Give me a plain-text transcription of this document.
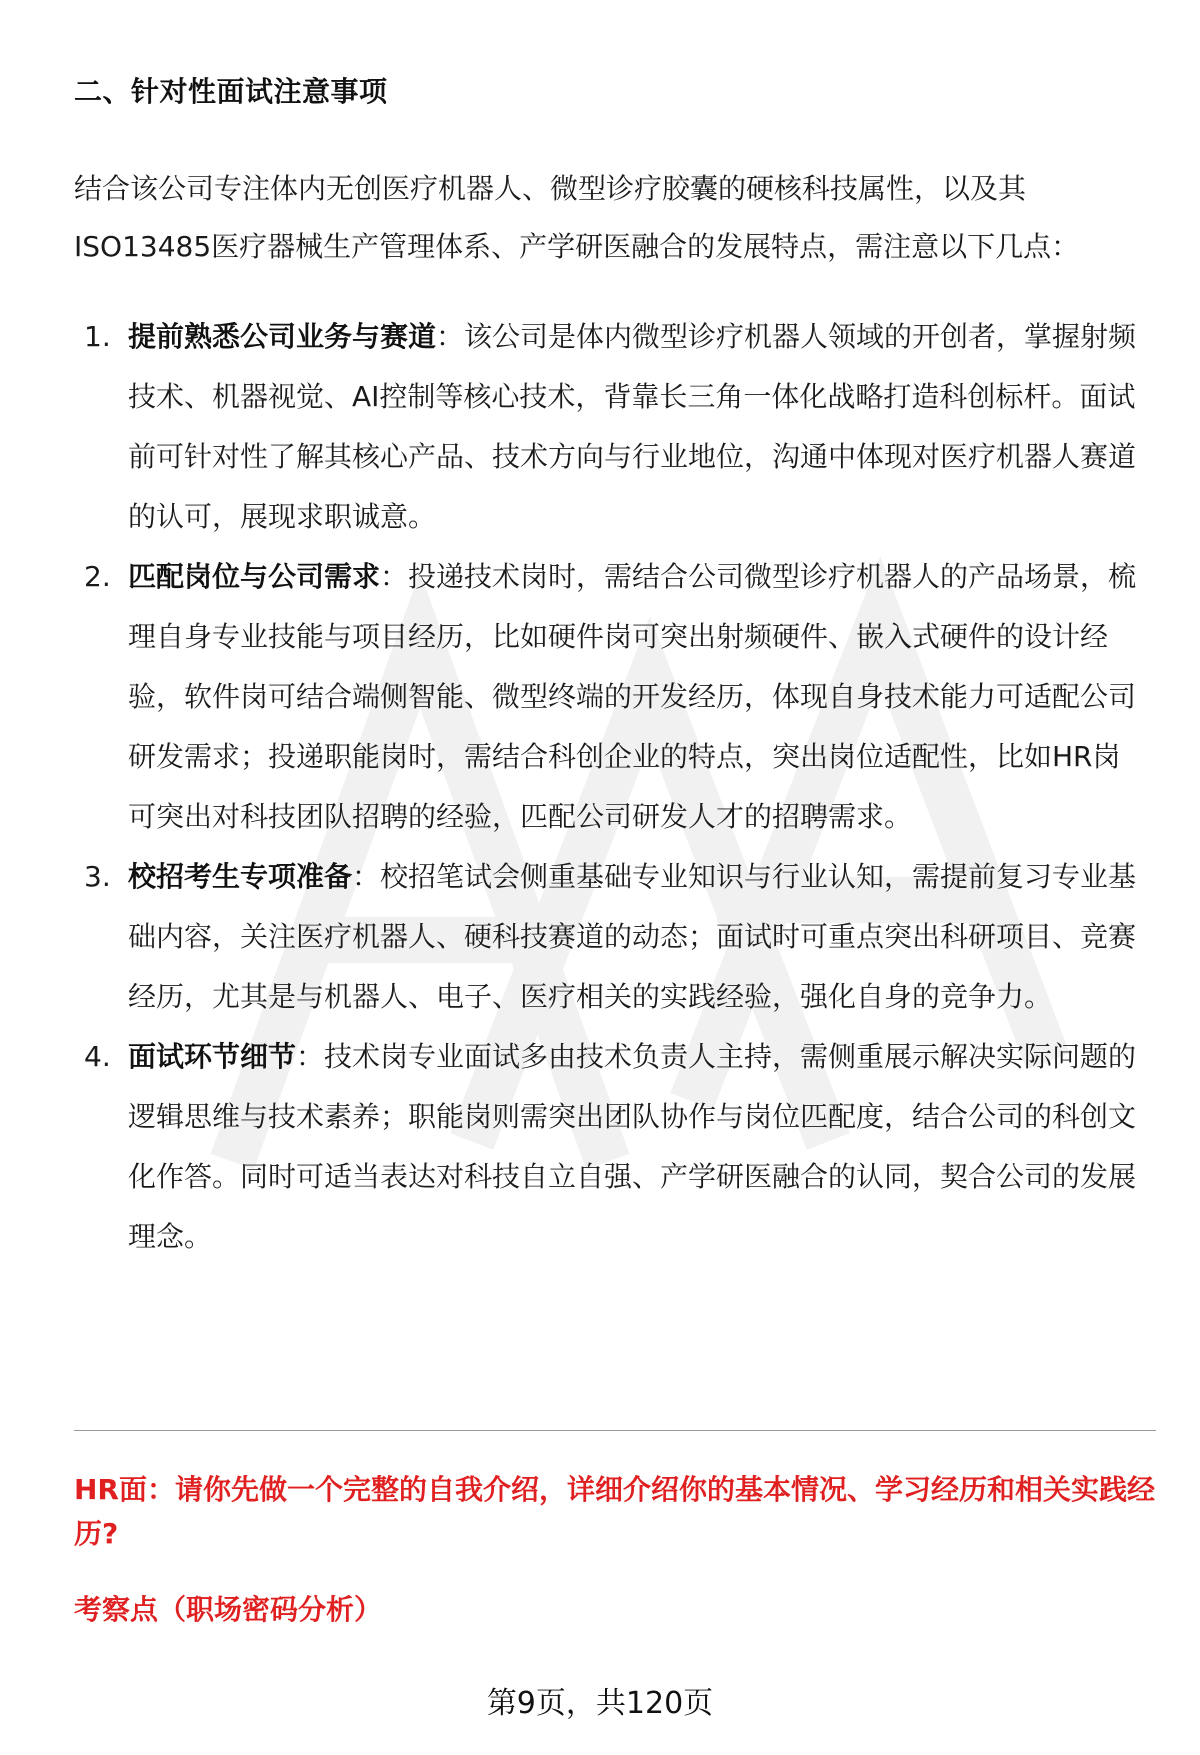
二、针对性面试注意事项

结合该公司专注体内无创医疗机器人、微型诊疗胶囊的硬核科技属性，以及其ISO13485医疗器械生产管理体系、产学研医融合的发展特点，需注意以下几点：

1. 提前熟悉公司业务与赛道：该公司是体内微型诊疗机器人领域的开创者，掌握射频技术、机器视觉、AI控制等核心技术，背靠长三角一体化战略打造科创标杆。面试前可针对性了解其核心产品、技术方向与行业地位，沟通中体现对医疗机器人赛道的认可，展现求职诚意。
2. 匹配岗位与公司需求：投递技术岗时，需结合公司微型诊疗机器人的产品场景，梳理自身专业技能与项目经历，比如硬件岗可突出射频硬件、嵌入式硬件的设计经验，软件岗可结合端侧智能、微型终端的开发经历，体现自身技术能力可适配公司研发需求；投递职能岗时，需结合科创企业的特点，突出岗位适配性，比如HR岗可突出对科技团队招聘的经验，匹配公司研发人才的招聘需求。
3. 校招考生专项准备：校招笔试会侧重基础专业知识与行业认知，需提前复习专业基础内容，关注医疗机器人、硬科技赛道的动态；面试时可重点突出科研项目、竞赛经历，尤其是与机器人、电子、医疗相关的实践经验，强化自身的竞争力。
4. 面试环节细节：技术岗专业面试多由技术负责人主持，需侧重展示解决实际问题的逻辑思维与技术素养；职能岗则需突出团队协作与岗位匹配度，结合公司的科创文化作答。同时可适当表达对科技自立自强、产学研医融合的认同，契合公司的发展理念。
HR面：请你先做一个完整的自我介绍，详细介绍你的基本情况、学习经历和相关实践经历?
考察点（职场密码分析）
第9页，共120页
